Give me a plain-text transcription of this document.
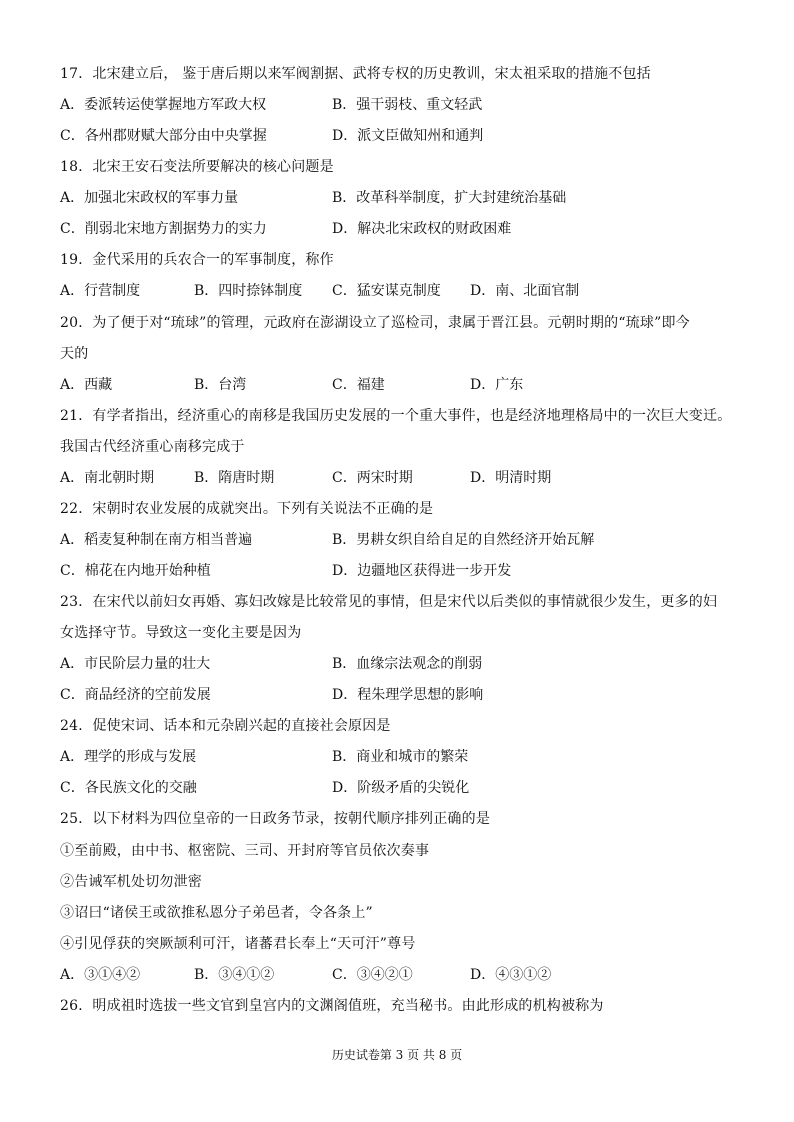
17．北宋建立后， 鉴于唐后期以来军阀割据、武将专权的历史教训，宋太祖采取的措施不包括
A．委派转运使掌握地方军政大权	B．强干弱枝、重文轻武
C．各州郡财赋大部分由中央掌握	D．派文臣做知州和通判
18．北宋王安石变法所要解决的核心问题是
A．加强北宋政权的军事力量	B．改革科举制度，扩大封建统治基础
C．削弱北宋地方割据势力的实力	D．解决北宋政权的财政困难
19．金代采用的兵农合一的军事制度，称作
A．行营制度	B．四时捺钵制度 C．猛安谋克制度 D．南、北面官制
20．为了便于对“琉球”的管理，元政府在澎湖设立了巡检司，隶属于晋江县。元朝时期的“琉球”即今
天的
A．西藏	B．台湾	C．福建	D．广东
21．有学者指出，经济重心的南移是我国历史发展的一个重大事件，也是经济地理格局中的一次巨大变迁。
我国古代经济重心南移完成于
A．南北朝时期	B．隋唐时期	C．两宋时期	D．明清时期
22．宋朝时农业发展的成就突出。下列有关说法不正确的是
A．稻麦复种制在南方相当普遍	B．男耕女织自给自足的自然经济开始瓦解
C．棉花在内地开始种植	D．边疆地区获得进一步开发
23．在宋代以前妇女再婚、寡妇改嫁是比较常见的事情，但是宋代以后类似的事情就很少发生，更多的妇
女选择守节。导致这一变化主要是因为
A．市民阶层力量的壮大	B．血缘宗法观念的削弱
C．商品经济的空前发展	D．程朱理学思想的影响
24．促使宋词、话本和元杂剧兴起的直接社会原因是
A．理学的形成与发展	B．商业和城市的繁荣
C．各民族文化的交融	D．阶级矛盾的尖锐化
25．以下材料为四位皇帝的一日政务节录，按朝代顺序排列正确的是
①至前殿，由中书、枢密院、三司、开封府等官员依次奏事
②告诫军机处切勿泄密
③诏曰“诸侯王或欲推私恩分子弟邑者，令各条上”
④引见俘获的突厥颉利可汗，诸蕃君长奉上“天可汗”尊号
A．③①④②	B．③④①②	C．③④②①	D．④③①②
26．明成祖时选拔一些文官到皇宫内的文渊阁值班，充当秘书。由此形成的机构被称为
历史试卷第 3 页 共 8 页
